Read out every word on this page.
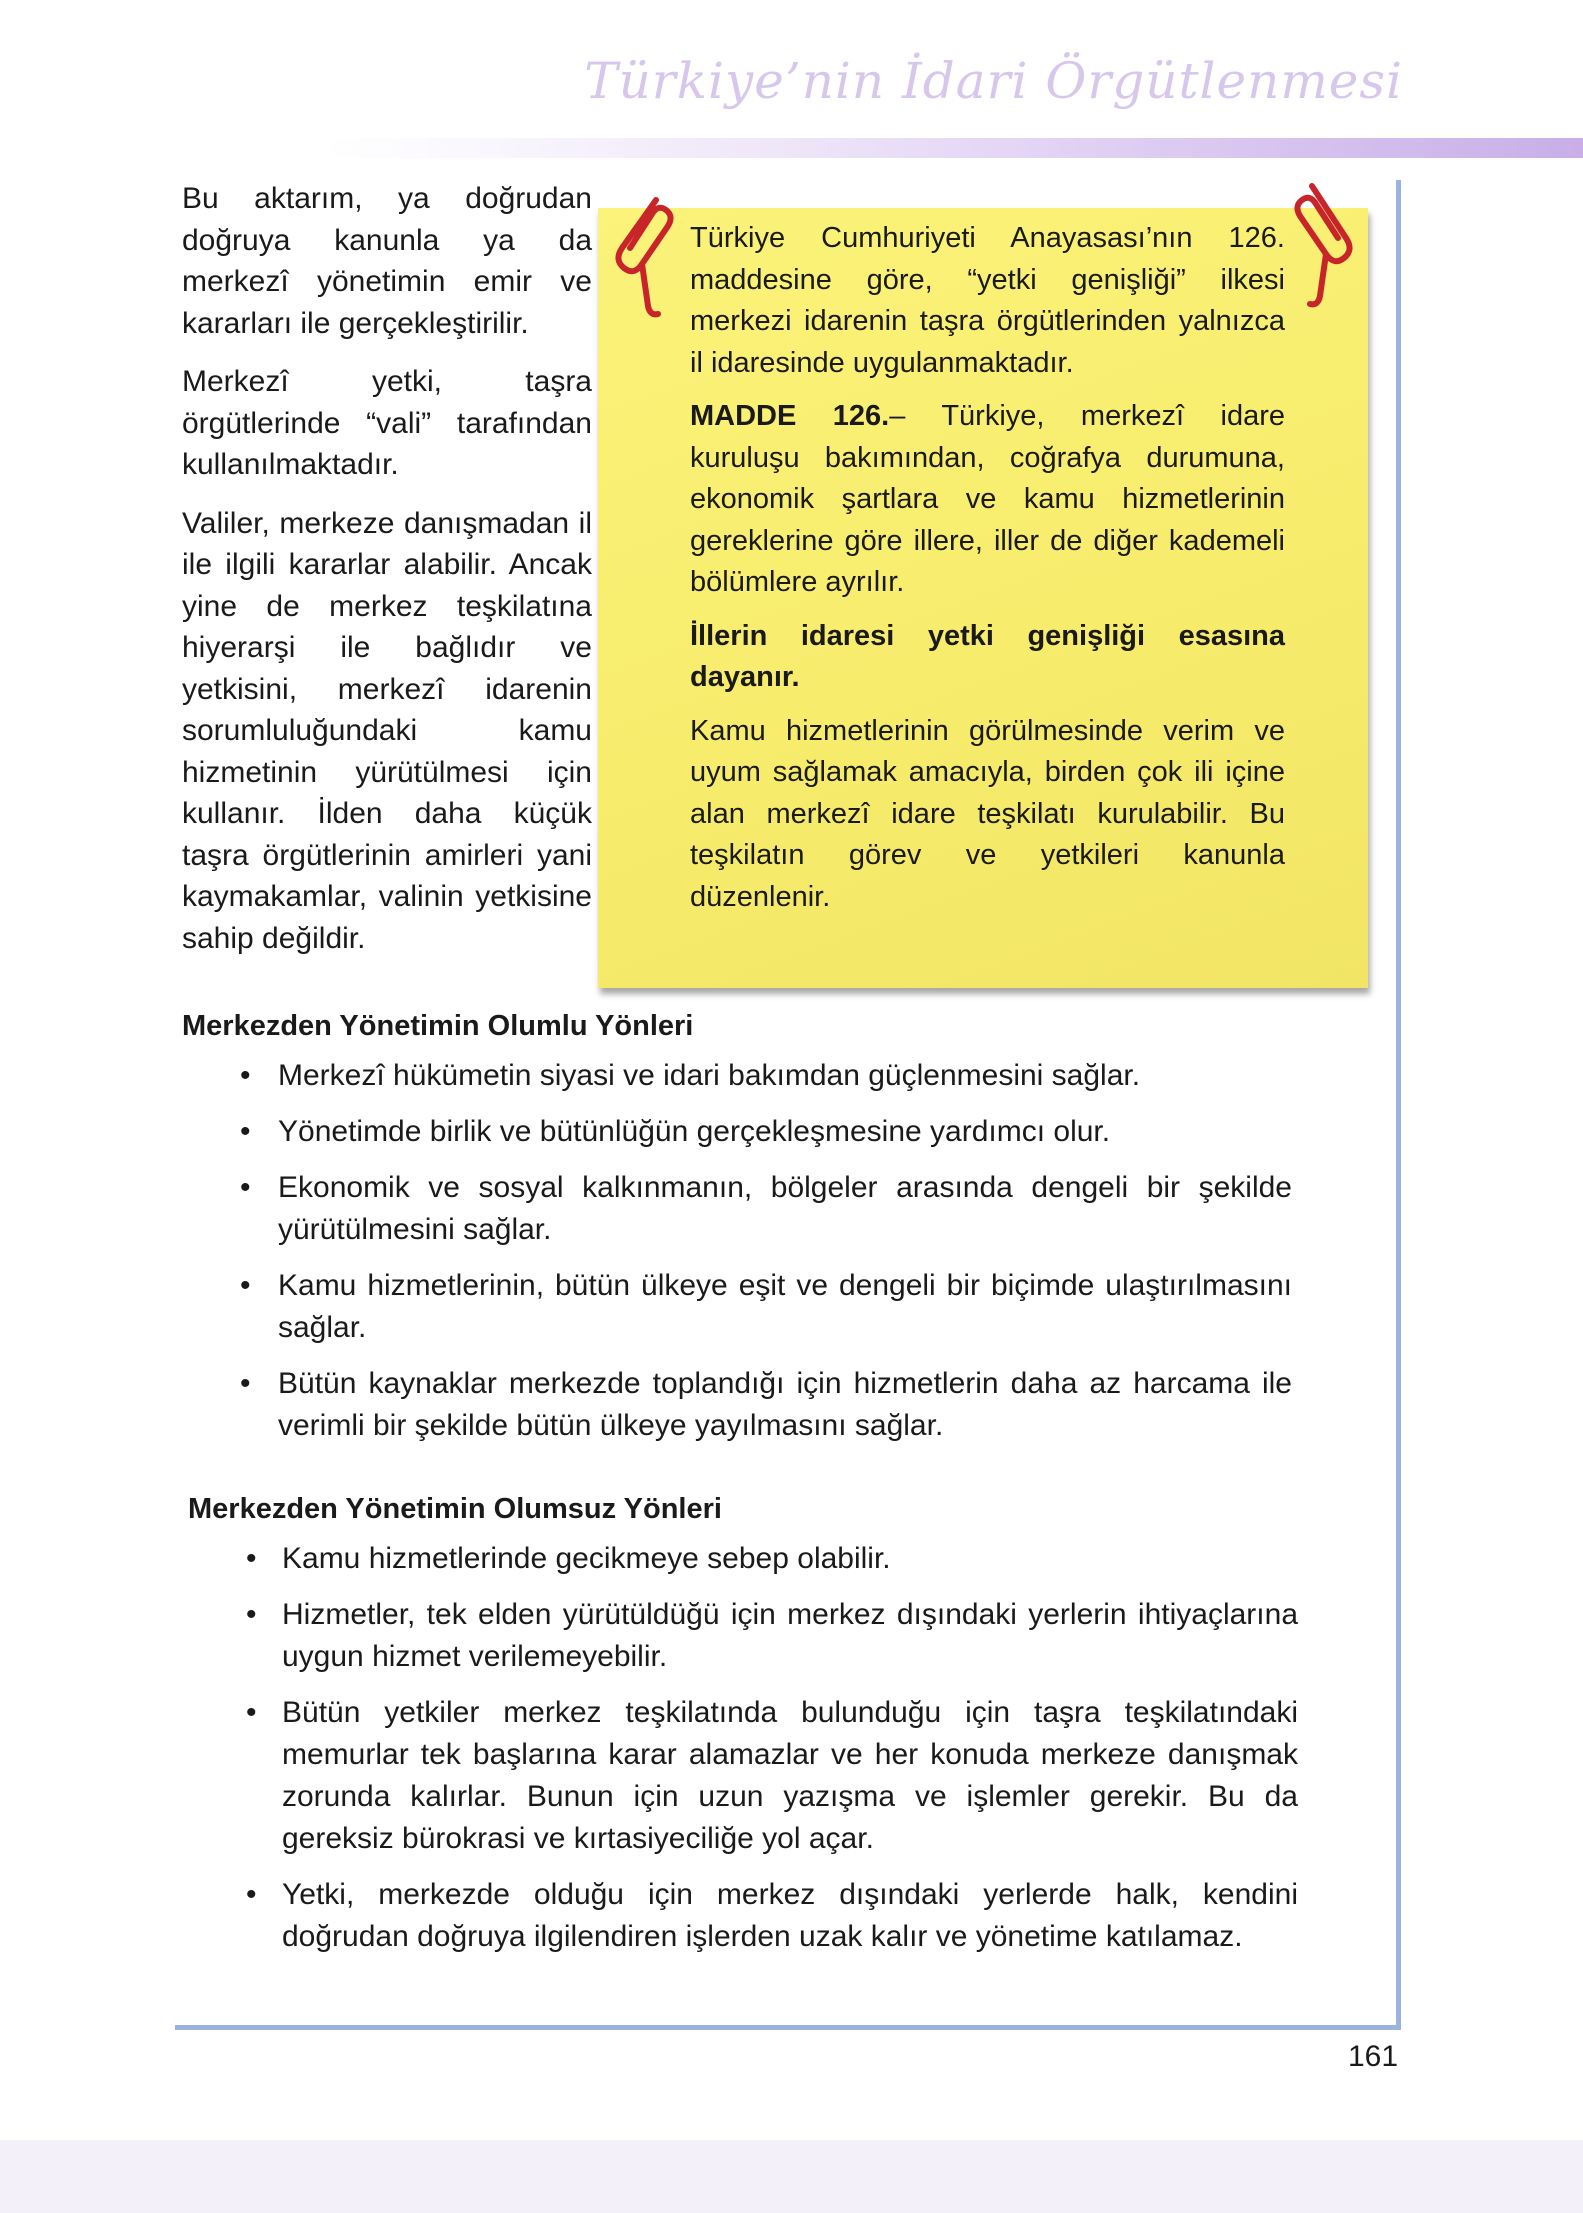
Türkiye’nin İdari Örgütlenmesi

Bu aktarım, ya doğrudan doğruya kanunla ya da merkezî yönetimin emir ve kararları ile gerçekleştirilir.

Merkezî yetki, taşra örgütlerinde “vali” tarafından kullanılmaktadır.

Valiler, merkeze danışmadan il ile ilgili kararlar alabilir. Ancak yine de merkez teşkilatına hiyerarşi ile bağlıdır ve yetkisini, merkezî idarenin sorumluluğundaki kamu hizmetinin yürütülmesi için kullanır. İlden daha küçük taşra örgütlerinin amirleri yani kaymakamlar, valinin yetkisine sahip değildir.

Türkiye Cumhuriyeti Anayasası’nın 126. maddesine göre, “yetki genişliği” ilkesi merkezi idarenin taşra örgütlerinden yalnızca il idaresinde uygulanmaktadır.

MADDE 126.– Türkiye, merkezî idare kuruluşu bakımından, coğrafya durumuna, ekonomik şartlara ve kamu hizmetlerinin gereklerine göre illere, iller de diğer kademeli bölümlere ayrılır.

İllerin idaresi yetki genişliği esasına dayanır.

Kamu hizmetlerinin görülmesinde verim ve uyum sağlamak amacıyla, birden çok ili içine alan merkezî idare teşkilatı kurulabilir. Bu teşkilatın görev ve yetkileri kanunla düzenlenir.

Merkezden Yönetimin Olumlu Yönleri
• Merkezî hükümetin siyasi ve idari bakımdan güçlenmesini sağlar.
• Yönetimde birlik ve bütünlüğün gerçekleşmesine yardımcı olur.
• Ekonomik ve sosyal kalkınmanın, bölgeler arasında dengeli bir şekilde yürütülmesini sağlar.
• Kamu hizmetlerinin, bütün ülkeye eşit ve dengeli bir biçimde ulaştırılmasını sağlar.
• Bütün kaynaklar merkezde toplandığı için hizmetlerin daha az harcama ile verimli bir şekilde bütün ülkeye yayılmasını sağlar.
Merkezden Yönetimin Olumsuz Yönleri
• Kamu hizmetlerinde gecikmeye sebep olabilir.
• Hizmetler, tek elden yürütüldüğü için merkez dışındaki yerlerin ihtiyaçlarına uygun hizmet verilemeyebilir.
• Bütün yetkiler merkez teşkilatında bulunduğu için taşra teşkilatındaki memurlar tek başlarına karar alamazlar ve her konuda merkeze danışmak zorunda kalırlar. Bunun için uzun yazışma ve işlemler gerekir. Bu da gereksiz bürokrasi ve kırtasiyeciliğe yol açar.
• Yetki, merkezde olduğu için merkez dışındaki yerlerde halk, kendini doğrudan doğruya ilgilendiren işlerden uzak kalır ve yönetime katılamaz.
161
